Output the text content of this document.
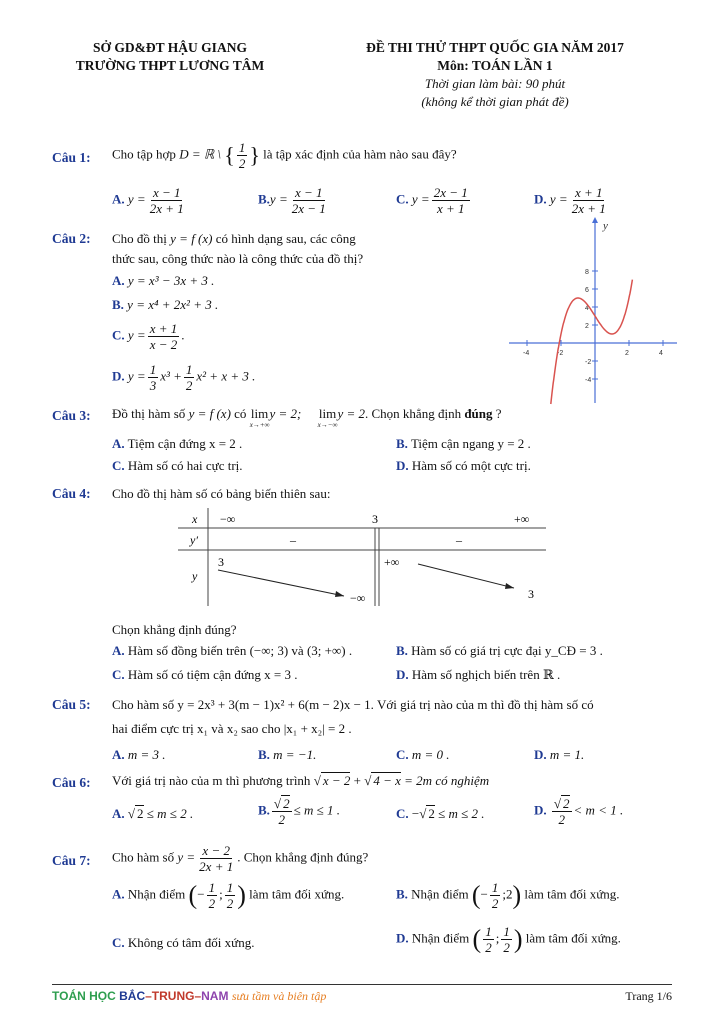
SỞ GD&ĐT HẬU GIANG
TRƯỜNG THPT LƯƠNG TÂM
ĐỀ THI THỬ THPT QUỐC GIA NĂM 2017
Môn: TOÁN LẦN 1
Thời gian làm bài: 90 phút
(không kể thời gian phát đề)
Câu 1: Cho tập hợp D = ℝ \ { $\frac{1}{2}$ } là tập xác định của hàm nào sau đây?
A. $y = \frac{x - 1}{2x + 1}$	$B.y = \frac{x - 1}{2x - 1}$	C. $y = \frac{2x - 1}{x + 1}$	D. $y = \frac{x + 1}{2x + 1}$
Câu 2: Cho đồ thị y = f (x) có hình dạng sau, các công
thức sau, công thức nào là công thức của đồ thị?
A. y = x³ − 3x + 3 .
B. y = x⁴ + 2x² + 3 .
C. $y = \frac{x + 1}{x - 2}$ .
D. $y = \frac{1}{3} x^3 + \frac{1}{2} x^2 + x + 3$ .
y
-4	-2	2	4
8
6
4
2
-2
-4
Câu 3: Đồ thị hàm số y = f (x) có lim
x→+∞
y = 2; lim
x→−∞
y = 2. Chọn khẳng định đúng ?
A. Tiệm cận đứng x = 2 .	B. Tiệm cận ngang y = 2 .
C. Hàm số có hai cực trị.	D. Hàm số có một cực trị.
Câu 4: Cho đồ thị hàm số có bảng biến thiên sau:
x −∞	3	+∞
y′	–	–
y
3
−∞
+∞
3
Chọn khẳng định đúng?
A. Hàm số đồng biến trên (−∞; 3) và (3; +∞) .	B. Hàm số có giá trị cực đại y_CĐ = 3 .
C. Hàm số có tiệm cận đứng x = 3 .	D. Hàm số nghịch biến trên ℝ .
Câu 5: Cho hàm số y = 2x³ + 3(m − 1)x² + 6(m − 2)x − 1. Với giá trị nào của m thì đồ thị hàm số có
hai điểm cực trị x₁ và x₂ sao cho |x₁ + x₂| = 2 .
A. m = 3 .	B. m = −1.	C. m = 0 .	D. m = 1.
Câu 6: Với giá trị nào của m thì phương trình √ x − 2 + √ 4 − x = 2m có nghiệm
A. √ 2 ≤ m ≤ 2 .	B. $\frac{√ 2}{2} \le m \le 1$ .	C. −√ 2 ≤ m ≤ 2 .	D. $\frac{√ 2}{2} < m < 1$ .
Câu 7: Cho hàm số $y = \frac{x - 2}{2x + 1}$ . Chọn khẳng định đúng?
A. Nhận điểm (− $\frac{1}{2}$ ; $\frac{1}{2}$ ) làm tâm đối xứng.	B. Nhận điểm (− $\frac{1}{2}$ ;2) làm tâm đối xứng.
C. Không có tâm đối xứng.	D. Nhận điểm ( $\frac{1}{2}$ ; $\frac{1}{2}$ ) làm tâm đối xứng.
TOÁN HỌC BẮC–TRUNG–NAM sưu tầm và biên tập	Trang 1/6
